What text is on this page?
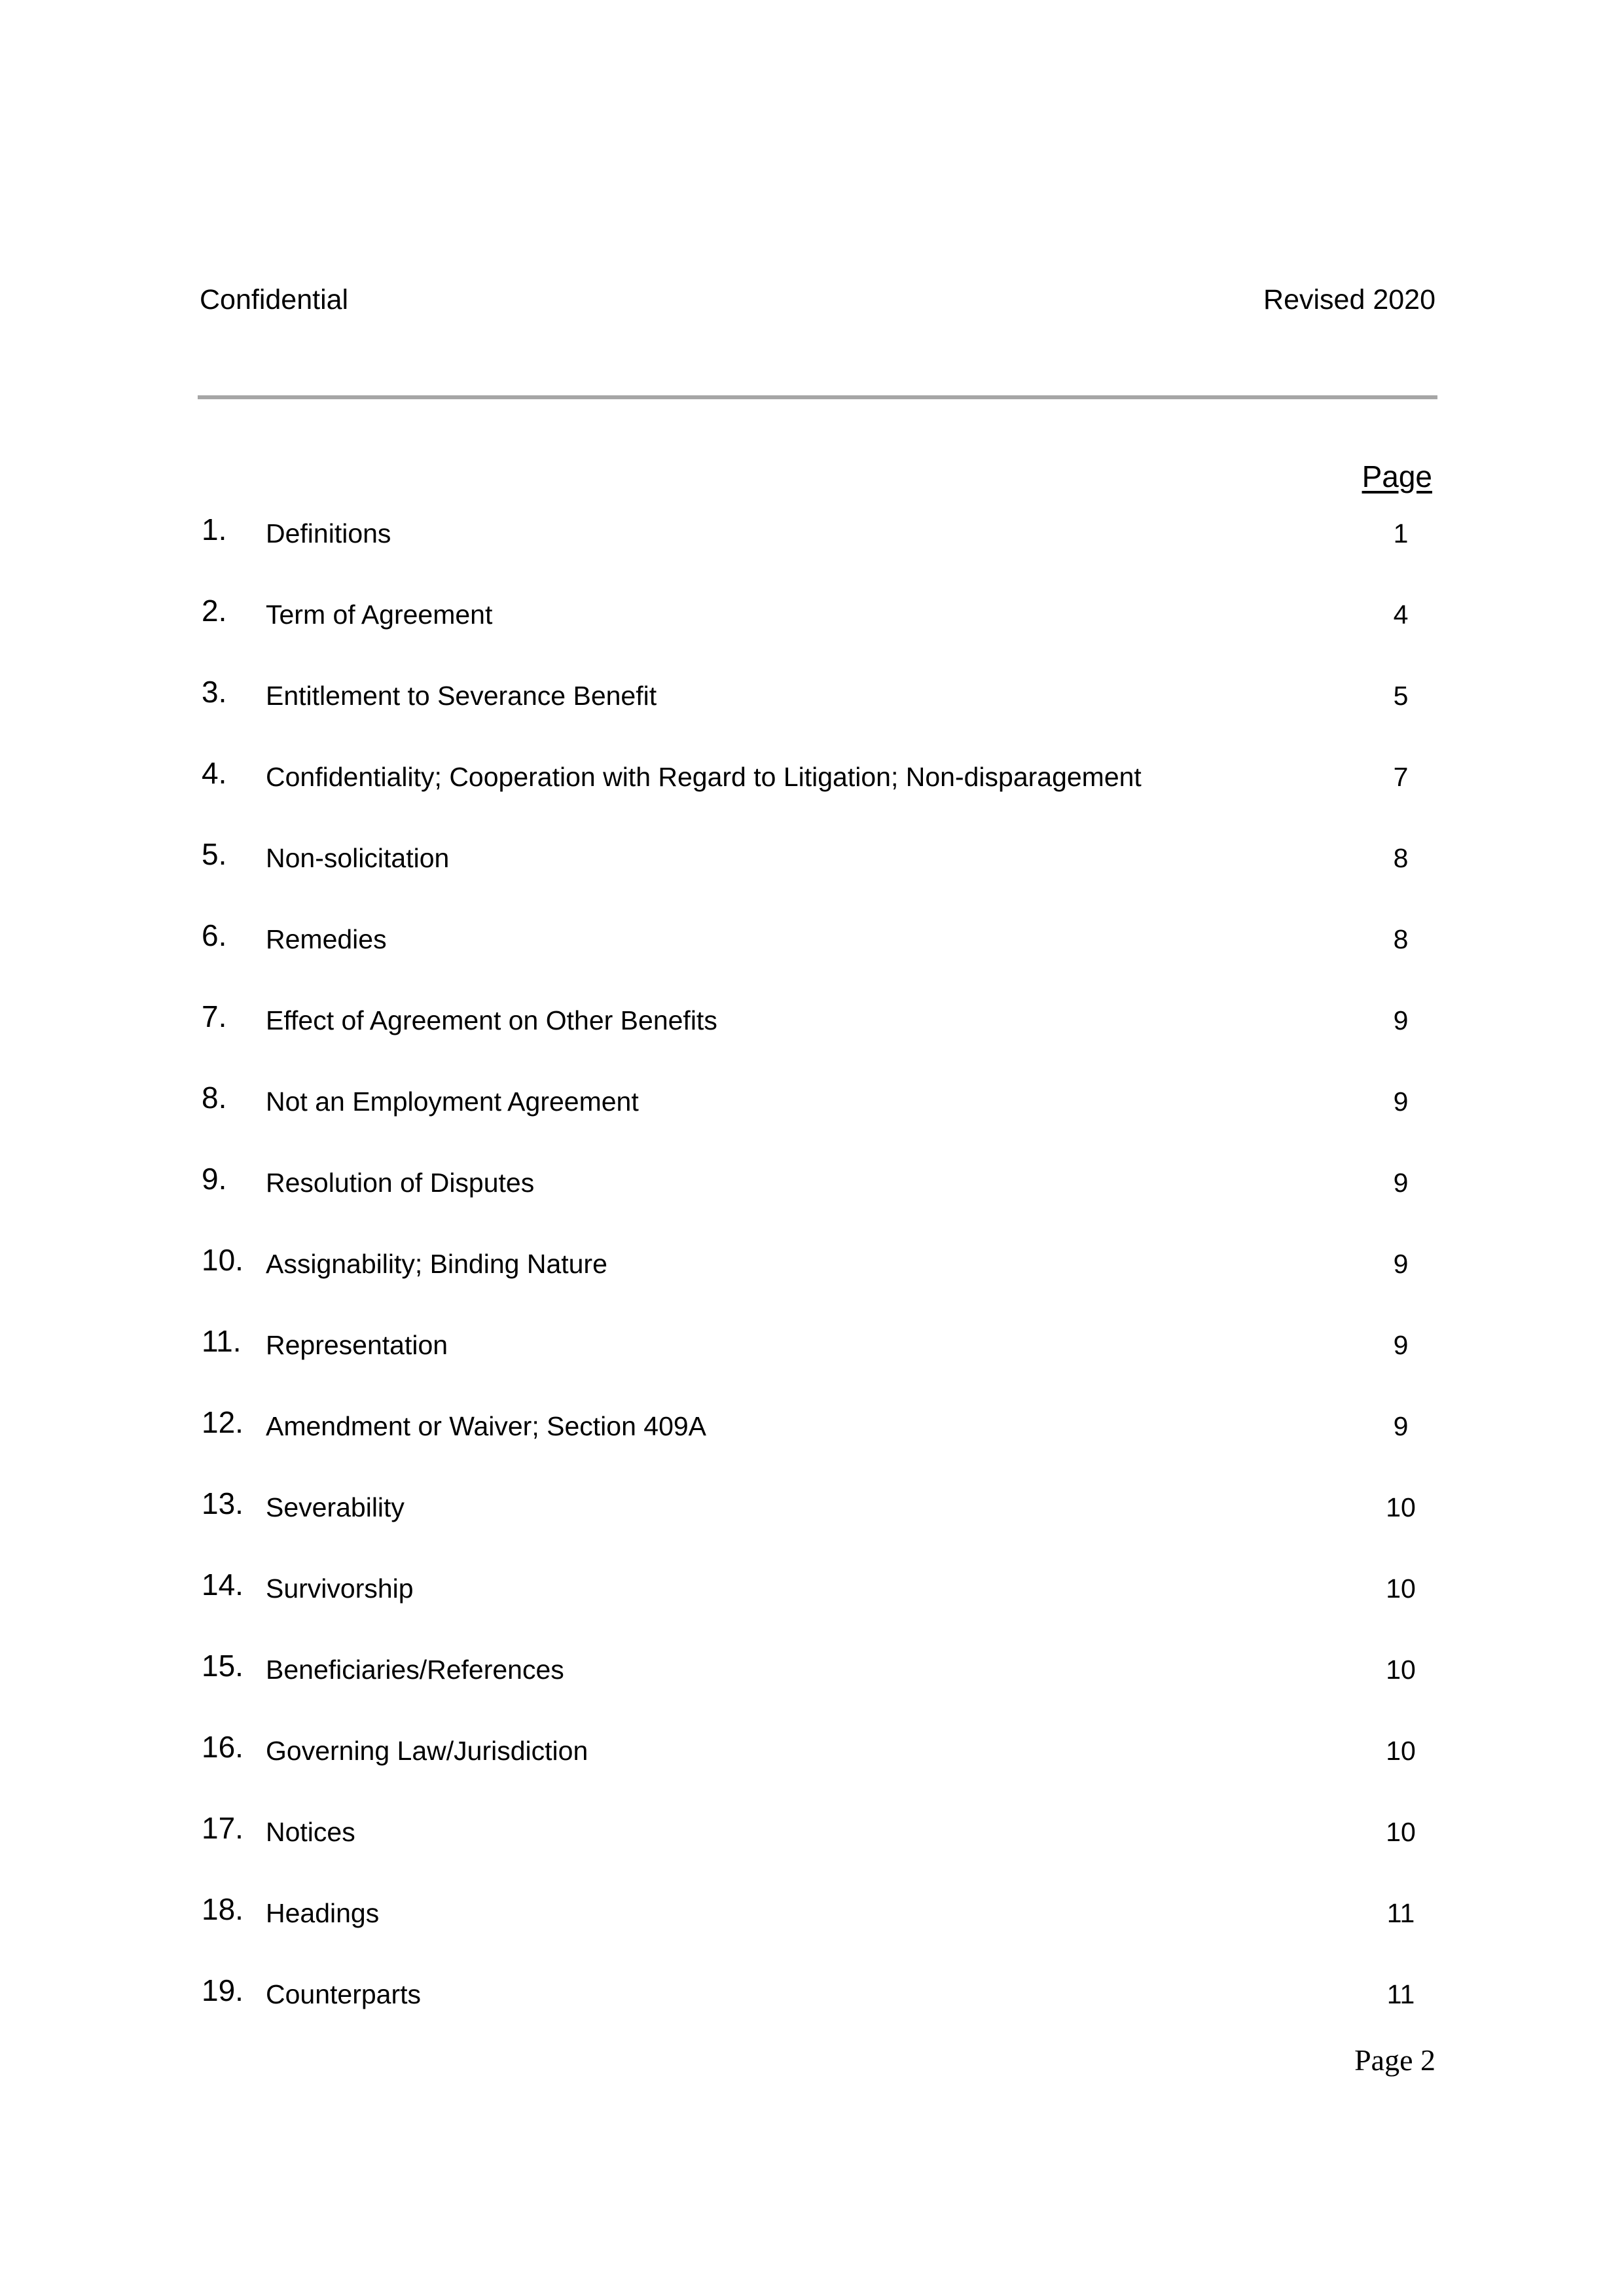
Confidential	Revised 2020
Page
1. Definitions	1
2. Term of Agreement	4
3. Entitlement to Severance Benefit	5
4. Confidentiality; Cooperation with Regard to Litigation; Non-disparagement	7
5. Non-solicitation	8
6. Remedies	8
7. Effect of Agreement on Other Benefits	9
8. Not an Employment Agreement	9
9. Resolution of Disputes	9
10. Assignability; Binding Nature	9
11. Representation	9
12. Amendment or Waiver; Section 409A	9
13. Severability	10
14. Survivorship	10
15. Beneficiaries/References	10
16. Governing Law/Jurisdiction	10
17. Notices	10
18. Headings	11
19. Counterparts	11
Page 2
